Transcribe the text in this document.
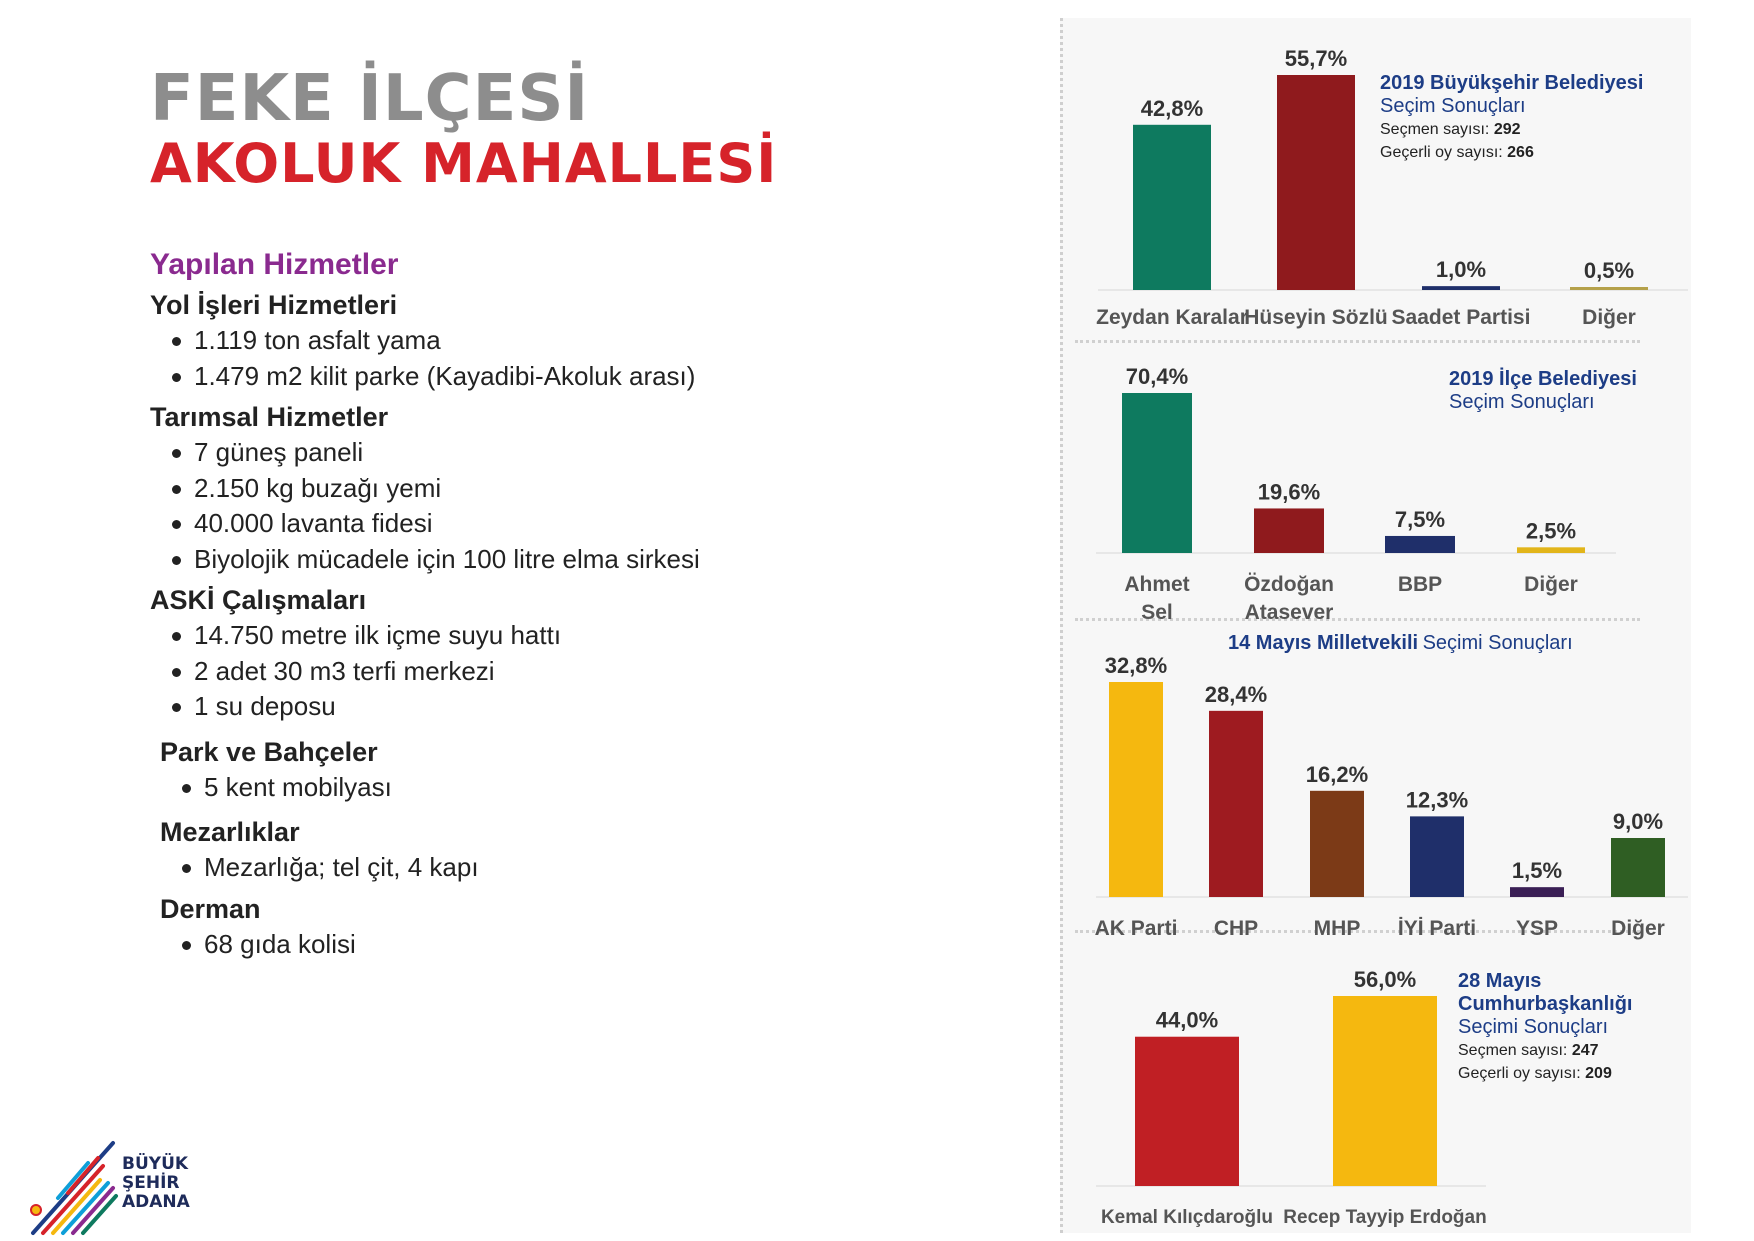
FEKE İLÇESİ
AKOLUK MAHALLESİ
Yapılan Hizmetler
Yol İşleri Hizmetleri
1.119 ton asfalt yama
1.479 m2 kilit parke (Kayadibi-Akoluk arası)
Tarımsal Hizmetler
7 güneş paneli
2.150 kg buzağı yemi
40.000 lavanta fidesi
Biyolojik mücadele için 100 litre elma sirkesi
ASKİ Çalışmaları
14.750 metre ilk içme suyu hattı
2 adet 30 m3 terfi merkezi
1 su deposu
Park ve Bahçeler
5 kent mobilyası
Mezarlıklar
Mezarlığa; tel çit, 4 kapı
Derman
68 gıda kolisi
BÜYÜK
ŞEHİR
ADANA
2019 Büyükşehir Belediyesi
Seçim Sonuçları
Seçmen sayısı: 292
Geçerli oy sayısı: 266
2019 İlçe Belediyesi
Seçim Sonuçları
14 Mayıs Milletvekili Seçimi Sonuçları
28 Mayıs
Cumhurbaşkanlığı
Seçimi Sonuçları
Seçmen sayısı: 247
Geçerli oy sayısı: 209
42,8%
Zeydan Karalar
55,7%
Hüseyin Sözlü
1,0%
Saadet Partisi
0,5%
Diğer
70,4%
Ahmet
Sel
19,6%
Özdoğan
Atasever
7,5%
BBP
2,5%
Diğer
32,8%
AK Parti
28,4%
CHP
16,2%
MHP
12,3%
İYİ Parti
1,5%
YSP
9,0%
Diğer
44,0%
Kemal Kılıçdaroğlu
56,0%
Recep Tayyip Erdoğan
